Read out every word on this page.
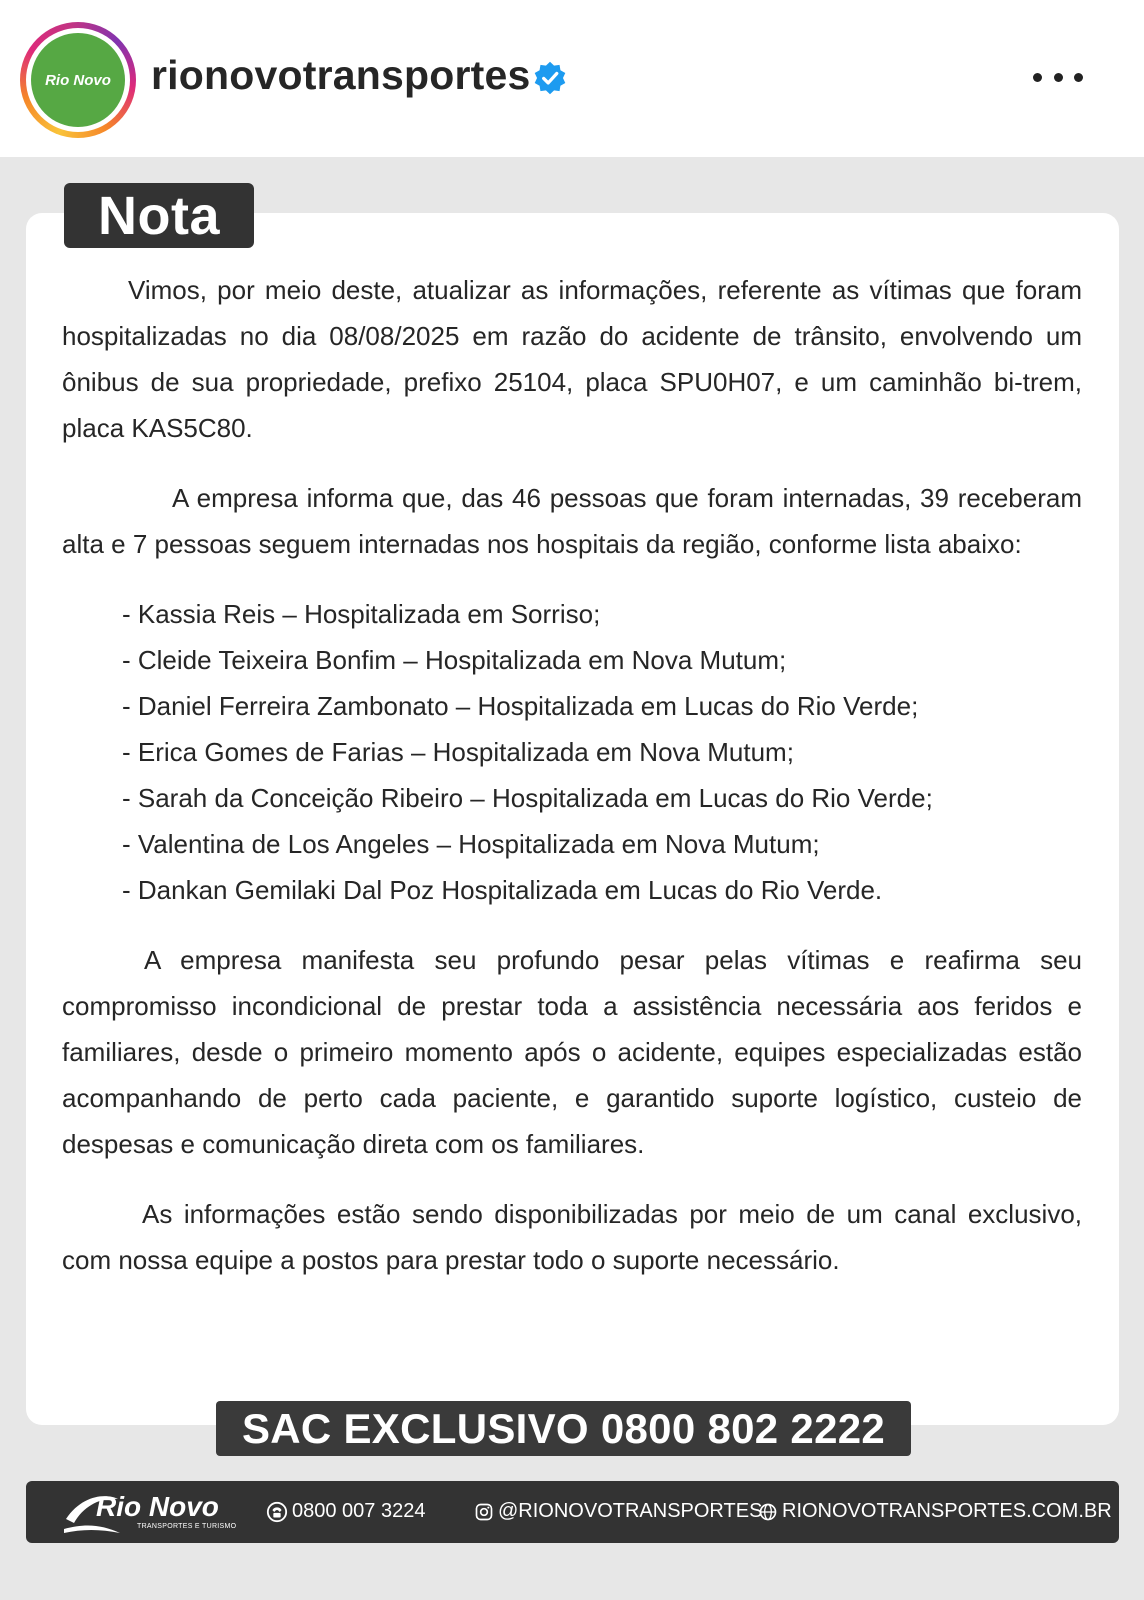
Rio Novo rionovotransportes
Nota

Vimos, por meio deste, atualizar as informações, referente as vítimas que foram hospitalizadas no dia 08/08/2025 em razão do acidente de trânsito, envolvendo um ônibus de sua propriedade, prefixo 25104, placa SPU0H07, e um caminhão bi-trem, placa KAS5C80.

A empresa informa que, das 46 pessoas que foram internadas, 39 receberam alta e 7 pessoas seguem internadas nos hospitais da região, conforme lista abaixo:

- Kassia Reis – Hospitalizada em Sorriso;
- Cleide Teixeira Bonfim – Hospitalizada em Nova Mutum;
- Daniel Ferreira Zambonato – Hospitalizada em Lucas do Rio Verde;
- Erica Gomes de Farias – Hospitalizada em Nova Mutum;
- Sarah da Conceição Ribeiro – Hospitalizada em Lucas do Rio Verde;
- Valentina de Los Angeles – Hospitalizada em Nova Mutum;
- Dankan Gemilaki Dal Poz Hospitalizada em Lucas do Rio Verde.

A empresa manifesta seu profundo pesar pelas vítimas e reafirma seu compromisso incondicional de prestar toda a assistência necessária aos feridos e familiares, desde o primeiro momento após o acidente, equipes especializadas estão acompanhando de perto cada paciente, e garantido suporte logístico, custeio de despesas e comunicação direta com os familiares.

As informações estão sendo disponibilizadas por meio de um canal exclusivo, com nossa equipe a postos para prestar todo o suporte necessário.

SAC EXCLUSIVO 0800 802 2222
Rio Novo
TRANSPORTES E TURISMO
0800 007 3224	@RIONOVOTRANSPORTES RIONOVOTRANSPORTES.COM.BR
